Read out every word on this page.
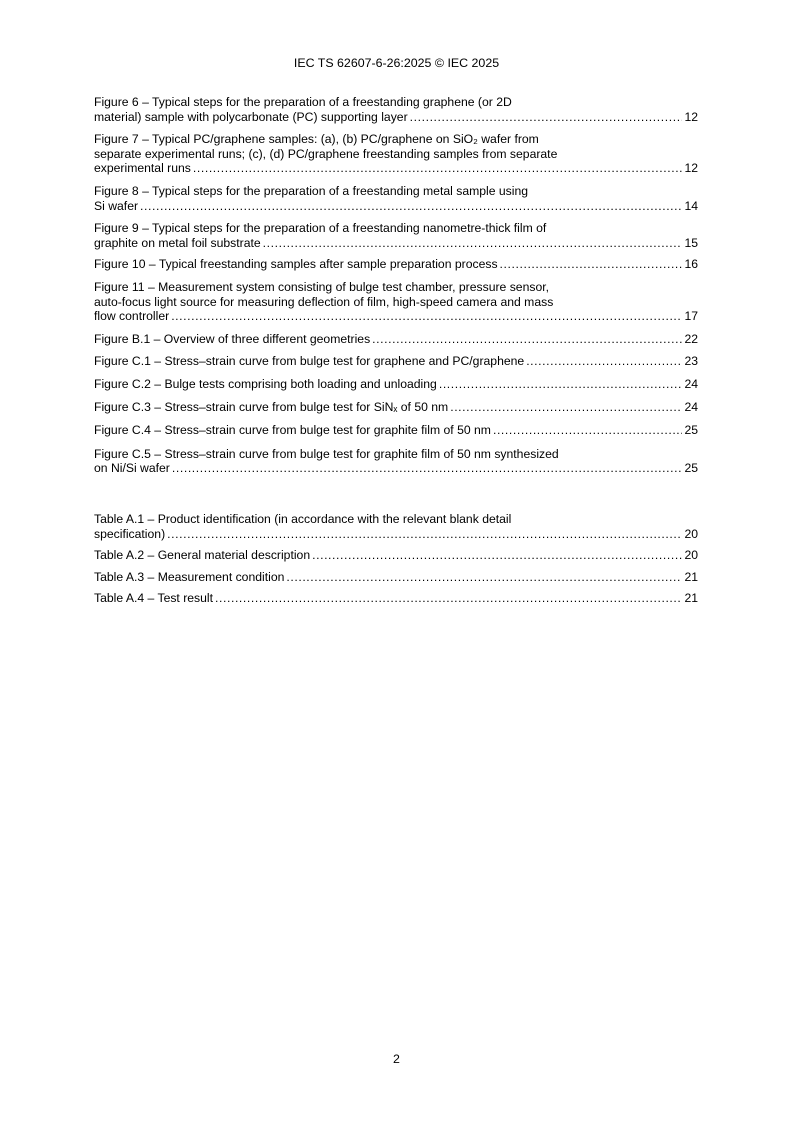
IEC TS 62607-6-26:2025 © IEC 2025
Figure 6 – Typical steps for the preparation of a freestanding graphene (or 2D
material) sample with polycarbonate (PC) supporting layer .....	12
Figure 7 – Typical PC/graphene samples: (a), (b) PC/graphene on SiO₂ wafer from
separate experimental runs; (c), (d) PC/graphene freestanding samples from separate
experimental runs .....	12
Figure 8 – Typical steps for the preparation of a freestanding metal sample using
Si wafer .....	14
Figure 9 – Typical steps for the preparation of a freestanding nanometre-thick film of
graphite on metal foil substrate .....	15
Figure 10 – Typical freestanding samples after sample preparation process .....	16
Figure 11 – Measurement system consisting of bulge test chamber, pressure sensor,
auto-focus light source for measuring deflection of film, high-speed camera and mass
flow controller .....	17
Figure B.1 – Overview of three different geometries .....	22
Figure C.1 – Stress–strain curve from bulge test for graphene and PC/graphene .....	23
Figure C.2 – Bulge tests comprising both loading and unloading .....	24
Figure C.3 – Stress–strain curve from bulge test for SiNₓ of 50 nm .....	24
Figure C.4 – Stress–strain curve from bulge test for graphite film of 50 nm .....	25
Figure C.5 – Stress–strain curve from bulge test for graphite film of 50 nm synthesized
on Ni/Si wafer .....	25
Table A.1 – Product identification (in accordance with the relevant blank detail
specification) .....	20
Table A.2 – General material description .....	20
Table A.3 – Measurement condition .....	21
Table A.4 – Test result .....	21
2
